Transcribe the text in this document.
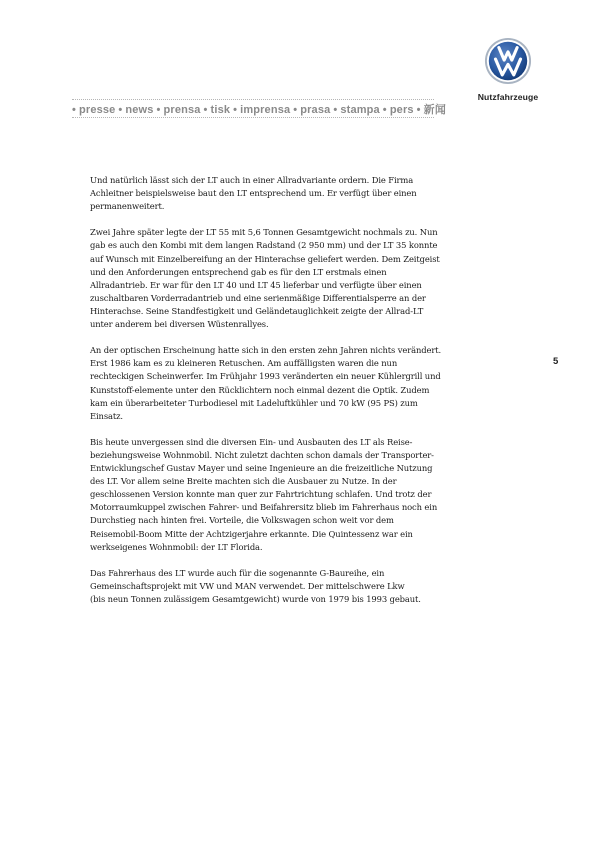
Nutzfahrzeuge
• presse • news • prensa • tisk • imprensa • prasa • stampa • pers • 新闻
5
Und natürlich lässt sich der LT auch in einer Allradvariante ordern. Die Firma
Achleitner beispielsweise baut den LT entsprechend um. Er verfügt über einen
permanenweitert.
Zwei Jahre später legte der LT 55 mit 5,6 Tonnen Gesamtgewicht nochmals zu. Nun
gab es auch den Kombi mit dem langen Radstand (2 950 mm) und der LT 35 konnte
auf Wunsch mit Einzelbereifung an der Hinterachse geliefert werden. Dem Zeitgeist
und den Anforderungen entsprechend gab es für den LT erstmals einen
Allradantrieb. Er war für den LT 40 und LT 45 lieferbar und verfügte über einen
zuschaltbaren Vorderradantrieb und eine serienmäßige Differentialsperre an der
Hinterachse. Seine Standfestigkeit und Geländetauglichkeit zeigte der Allrad-LT
unter anderem bei diversen Wüstenrallyes.
An der optischen Erscheinung hatte sich in den ersten zehn Jahren nichts verändert.
Erst 1986 kam es zu kleineren Retuschen. Am auffälligsten waren die nun
rechteckigen Scheinwerfer. Im Frühjahr 1993 veränderten ein neuer Kühlergrill und
Kunststoff-elemente unter den Rücklichtern noch einmal dezent die Optik. Zudem
kam ein überarbeiteter Turbodiesel mit Ladeluftkühler und 70 kW (95 PS) zum
Einsatz.
Bis heute unvergessen sind die diversen Ein- und Ausbauten des LT als Reise-
beziehungsweise Wohnmobil. Nicht zuletzt dachten schon damals der Transporter-
Entwicklungschef Gustav Mayer und seine Ingenieure an die freizeitliche Nutzung
des LT. Vor allem seine Breite machten sich die Ausbauer zu Nutze. In der
geschlossenen Version konnte man quer zur Fahrtrichtung schlafen. Und trotz der
Motorraumkuppel zwischen Fahrer- und Beifahrersitz blieb im Fahrerhaus noch ein
Durchstieg nach hinten frei. Vorteile, die Volkswagen schon weit vor dem
Reisemobil-Boom Mitte der Achtzigerjahre erkannte. Die Quintessenz war ein
werkseigenes Wohnmobil: der LT Florida.
Das Fahrerhaus des LT wurde auch für die sogenannte G-Baureihe, ein
Gemeinschaftsprojekt mit VW und MAN verwendet. Der mittelschwere Lkw
(bis neun Tonnen zulässigem Gesamtgewicht) wurde von 1979 bis 1993 gebaut.
